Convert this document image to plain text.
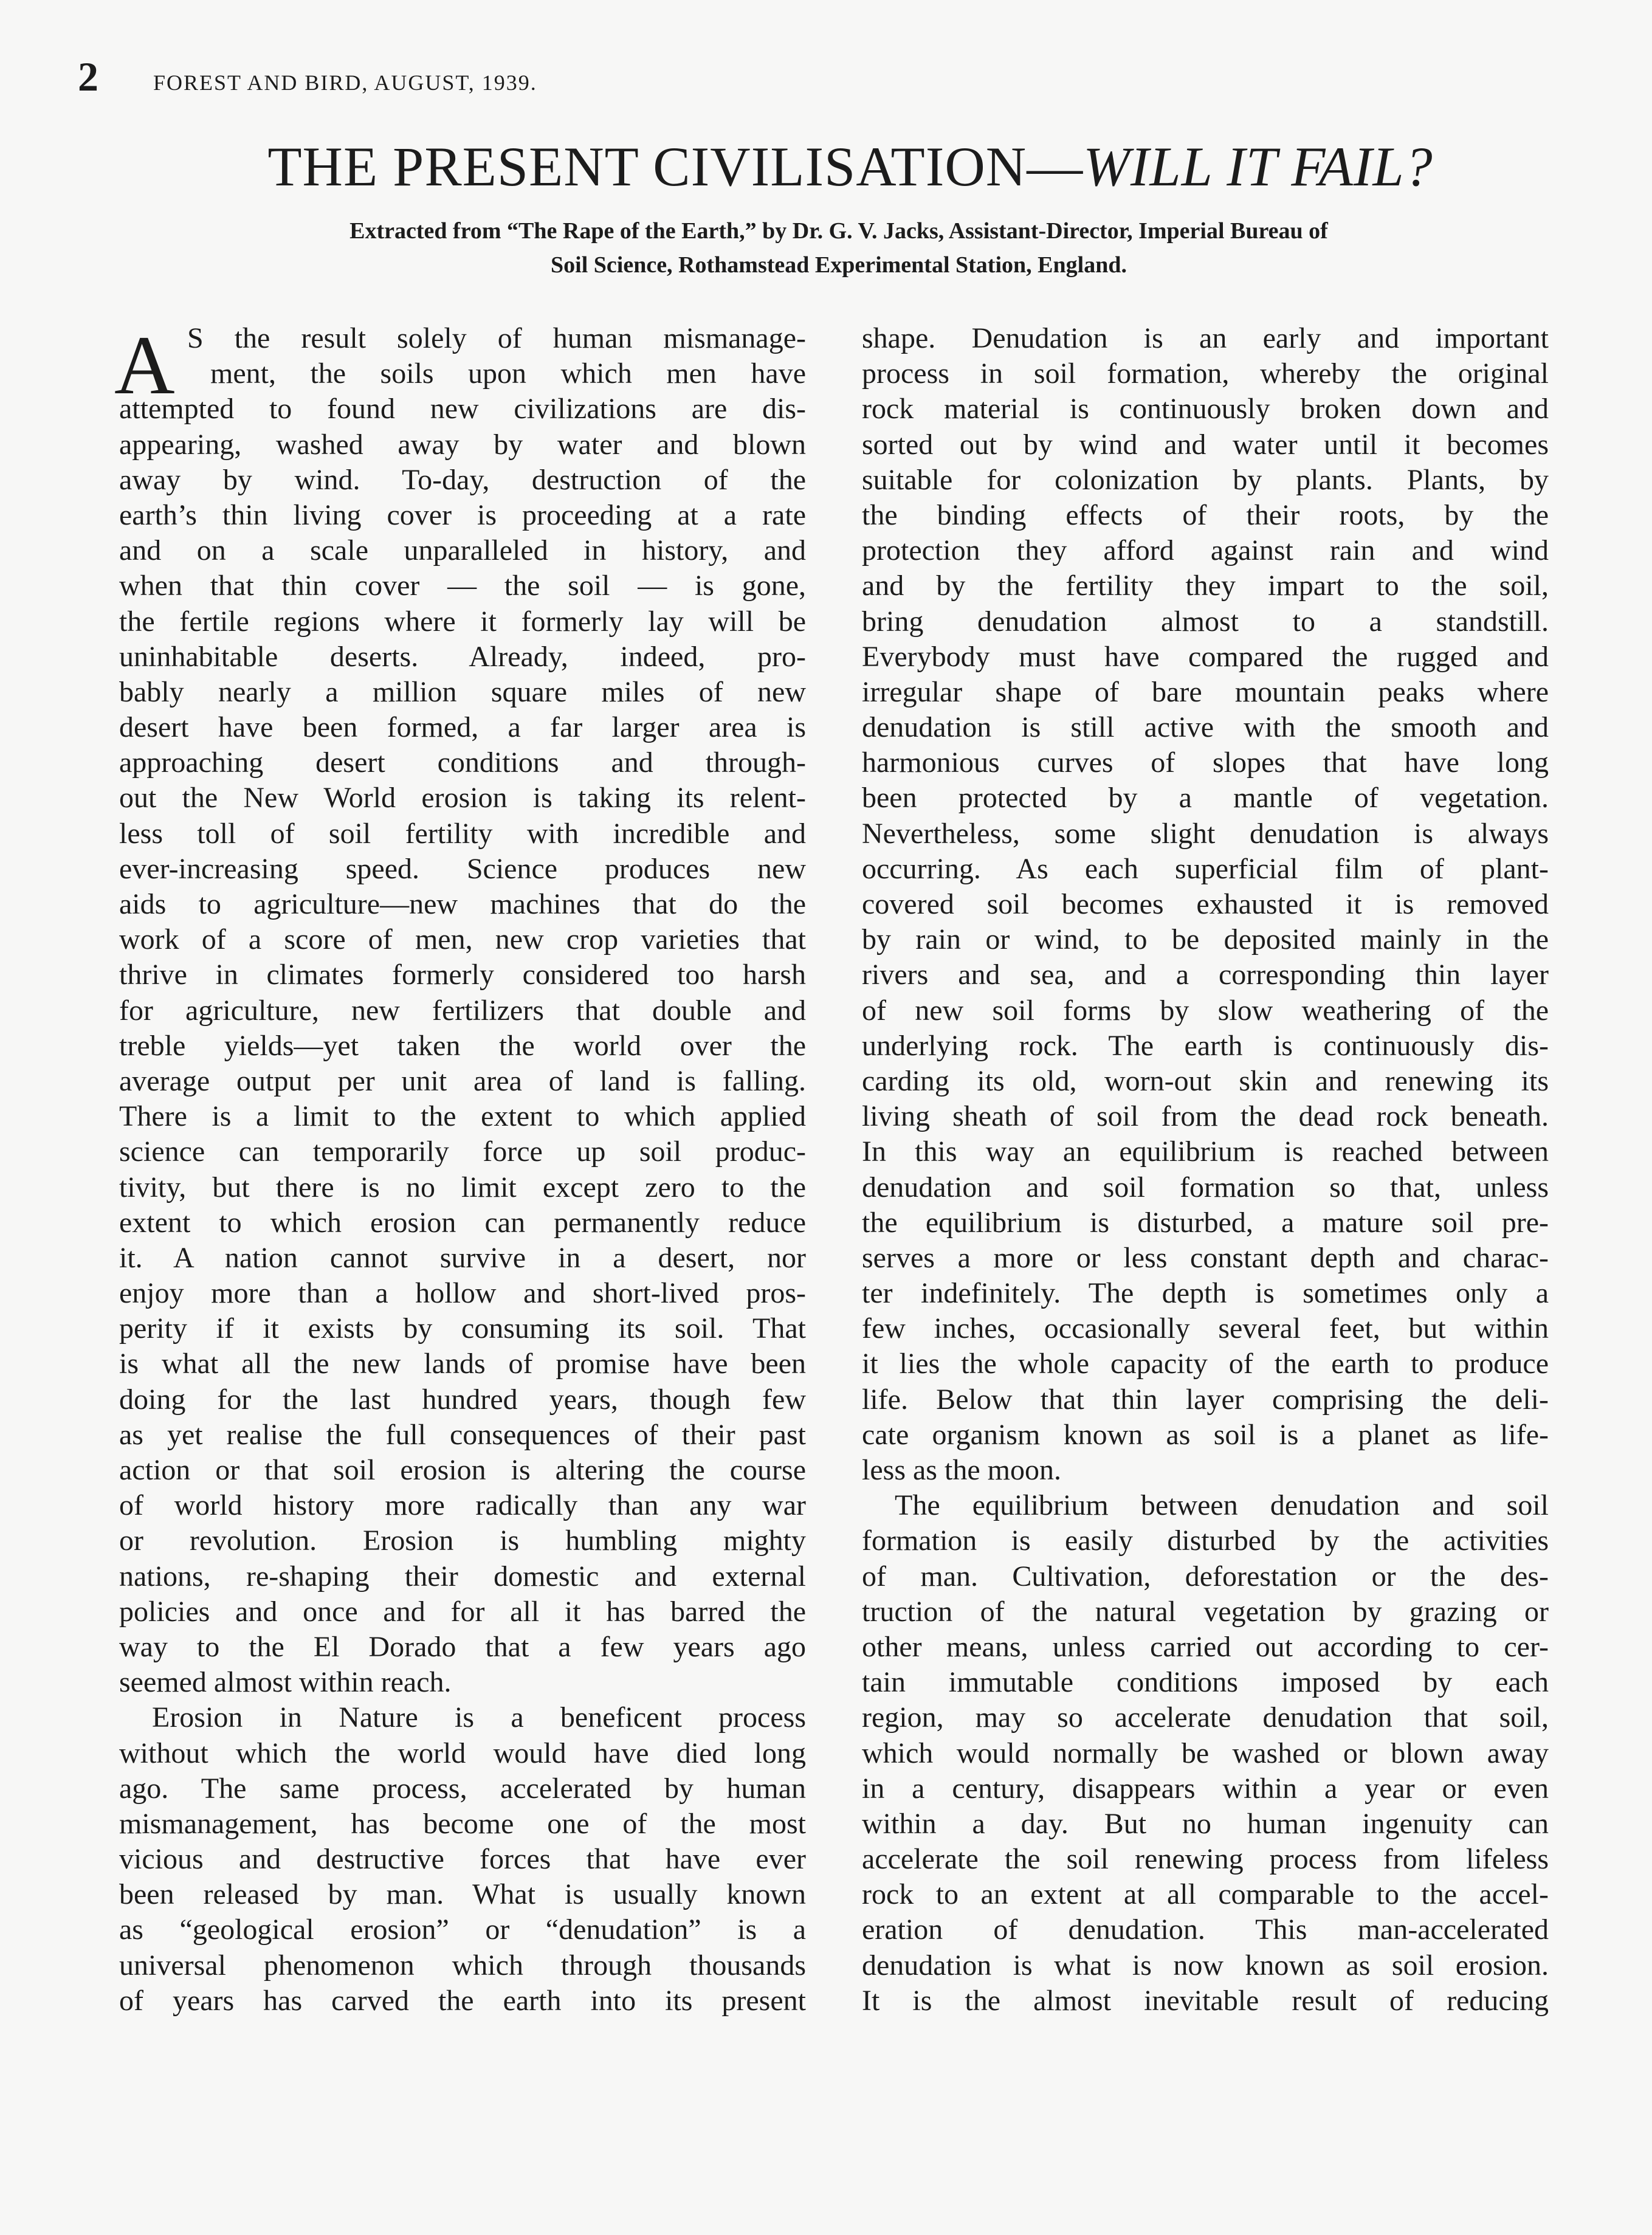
2	FOREST AND BIRD, AUGUST, 1939.
THE PRESENT CIVILISATION—WILL IT FAIL?
Extracted from “The Rape of the Earth,” by Dr. G. V. Jacks, Assistant-Director, Imperial Bureau of
Soil Science, Rothamstead Experimental Station, England.
A S the result solely of human mismanage-
ment, the soils upon which men have
attempted to found new civilizations are dis-
appearing, washed away by water and blown
away by wind. To-day, destruction of the
earth’s thin living cover is proceeding at a rate
and on a scale unparalleled in history, and
when that thin cover — the soil — is gone,
the fertile regions where it formerly lay will be
uninhabitable deserts. Already, indeed, pro-
bably nearly a million square miles of new
desert have been formed, a far larger area is
approaching desert conditions and through-
out the New World erosion is taking its relent-
less toll of soil fertility with incredible and
ever-increasing speed. Science produces new
aids to agriculture—new machines that do the
work of a score of men, new crop varieties that
thrive in climates formerly considered too harsh
for agriculture, new fertilizers that double and
treble yields—yet taken the world over the
average output per unit area of land is falling.
There is a limit to the extent to which applied
science can temporarily force up soil produc-
tivity, but there is no limit except zero to the
extent to which erosion can permanently reduce
it. A nation cannot survive in a desert, nor
enjoy more than a hollow and short-lived pros-
perity if it exists by consuming its soil. That
is what all the new lands of promise have been
doing for the last hundred years, though few
as yet realise the full consequences of their past
action or that soil erosion is altering the course
of world history more radically than any war
or revolution. Erosion is humbling mighty
nations, re-shaping their domestic and external
policies and once and for all it has barred the
way to the El Dorado that a few years ago
seemed almost within reach.
Erosion in Nature is a beneficent process
without which the world would have died long
ago. The same process, accelerated by human
mismanagement, has become one of the most
vicious and destructive forces that have ever
been released by man. What is usually known
as “geological erosion” or “denudation” is a
universal phenomenon which through thousands
of years has carved the earth into its present
shape. Denudation is an early and important
process in soil formation, whereby the original
rock material is continuously broken down and
sorted out by wind and water until it becomes
suitable for colonization by plants. Plants, by
the binding effects of their roots, by the
protection they afford against rain and wind
and by the fertility they impart to the soil,
bring denudation almost to a standstill.
Everybody must have compared the rugged and
irregular shape of bare mountain peaks where
denudation is still active with the smooth and
harmonious curves of slopes that have long
been protected by a mantle of vegetation.
Nevertheless, some slight denudation is always
occurring. As each superficial film of plant-
covered soil becomes exhausted it is removed
by rain or wind, to be deposited mainly in the
rivers and sea, and a corresponding thin layer
of new soil forms by slow weathering of the
underlying rock. The earth is continuously dis-
carding its old, worn-out skin and renewing its
living sheath of soil from the dead rock beneath.
In this way an equilibrium is reached between
denudation and soil formation so that, unless
the equilibrium is disturbed, a mature soil pre-
serves a more or less constant depth and charac-
ter indefinitely. The depth is sometimes only a
few inches, occasionally several feet, but within
it lies the whole capacity of the earth to produce
life. Below that thin layer comprising the deli-
cate organism known as soil is a planet as life-
less as the moon.
The equilibrium between denudation and soil
formation is easily disturbed by the activities
of man. Cultivation, deforestation or the des-
truction of the natural vegetation by grazing or
other means, unless carried out according to cer-
tain immutable conditions imposed by each
region, may so accelerate denudation that soil,
which would normally be washed or blown away
in a century, disappears within a year or even
within a day. But no human ingenuity can
accelerate the soil renewing process from lifeless
rock to an extent at all comparable to the accel-
eration of denudation. This man-accelerated
denudation is what is now known as soil erosion.
It is the almost inevitable result of reducing
